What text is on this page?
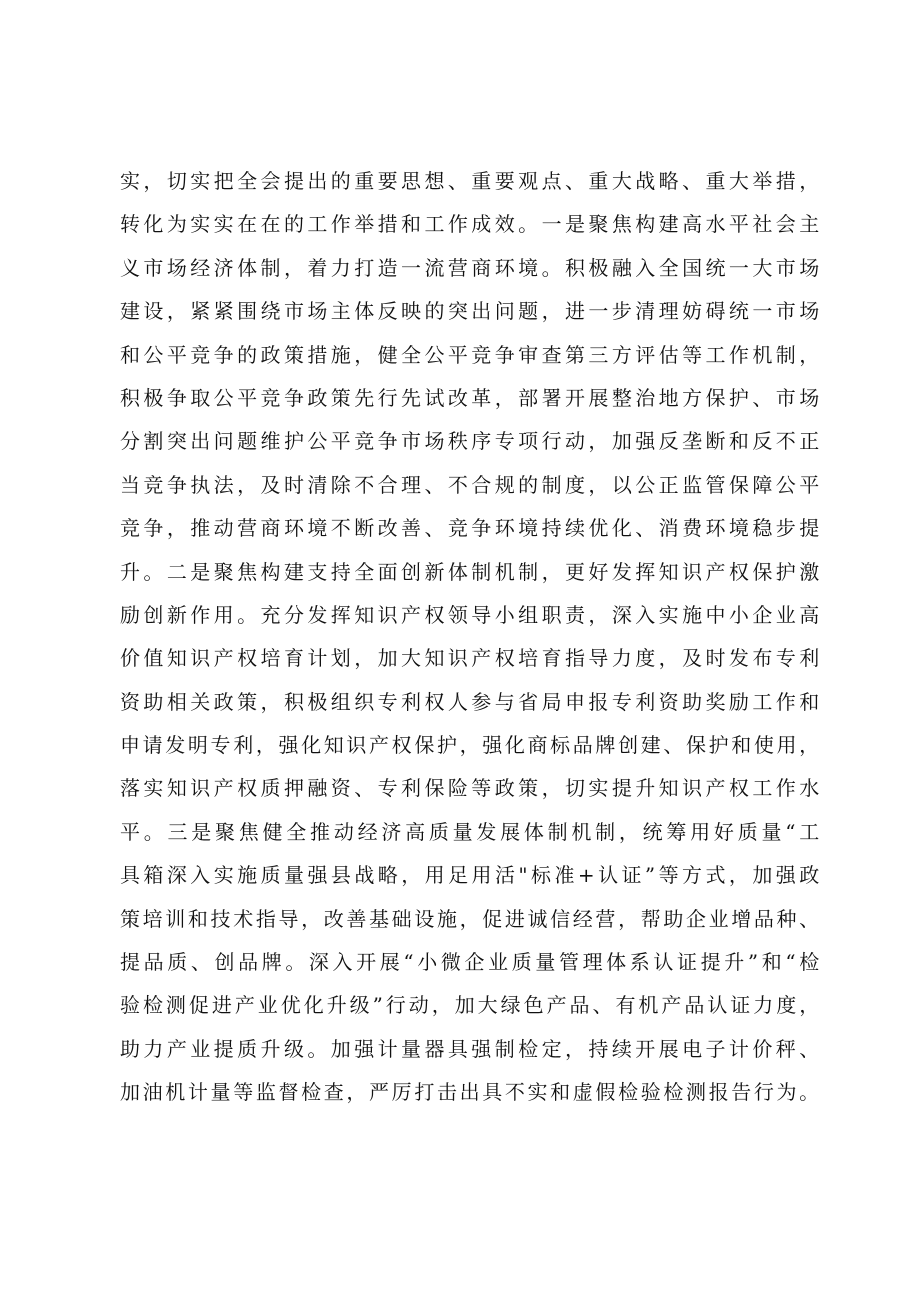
实，切实把全会提出的重要思想、重要观点、重大战略、重大举措，
转化为实实在在的工作举措和工作成效。一是聚焦构建高水平社会主
义市场经济体制，着力打造一流营商环境。积极融入全国统一大市场
建设，紧紧围绕市场主体反映的突出问题，进一步清理妨碍统一市场
和公平竞争的政策措施，健全公平竞争审查第三方评估等工作机制，
积极争取公平竞争政策先行先试改革，部署开展整治地方保护、市场
分割突出问题维护公平竞争市场秩序专项行动，加强反垄断和反不正
当竞争执法，及时清除不合理、不合规的制度，以公正监管保障公平
竞争，推动营商环境不断改善、竞争环境持续优化、消费环境稳步提
升。二是聚焦构建支持全面创新体制机制，更好发挥知识产权保护激
励创新作用。充分发挥知识产权领导小组职责，深入实施中小企业高
价值知识产权培育计划，加大知识产权培育指导力度，及时发布专利
资助相关政策，积极组织专利权人参与省局申报专利资助奖励工作和
申请发明专利，强化知识产权保护，强化商标品牌创建、保护和使用，
落实知识产权质押融资、专利保险等政策，切实提升知识产权工作水
平。三是聚焦健全推动经济高质量发展体制机制，统筹用好质量“工
具箱深入实施质量强县战略，用足用活"标准+认证”等方式，加强政
策培训和技术指导，改善基础设施，促进诚信经营，帮助企业增品种、
提品质、创品牌。深入开展“小微企业质量管理体系认证提升”和“检
验检测促进产业优化升级”行动，加大绿色产品、有机产品认证力度，
助力产业提质升级。加强计量器具强制检定，持续开展电子计价秤、
加油机计量等监督检查，严厉打击出具不实和虚假检验检测报告行为。
